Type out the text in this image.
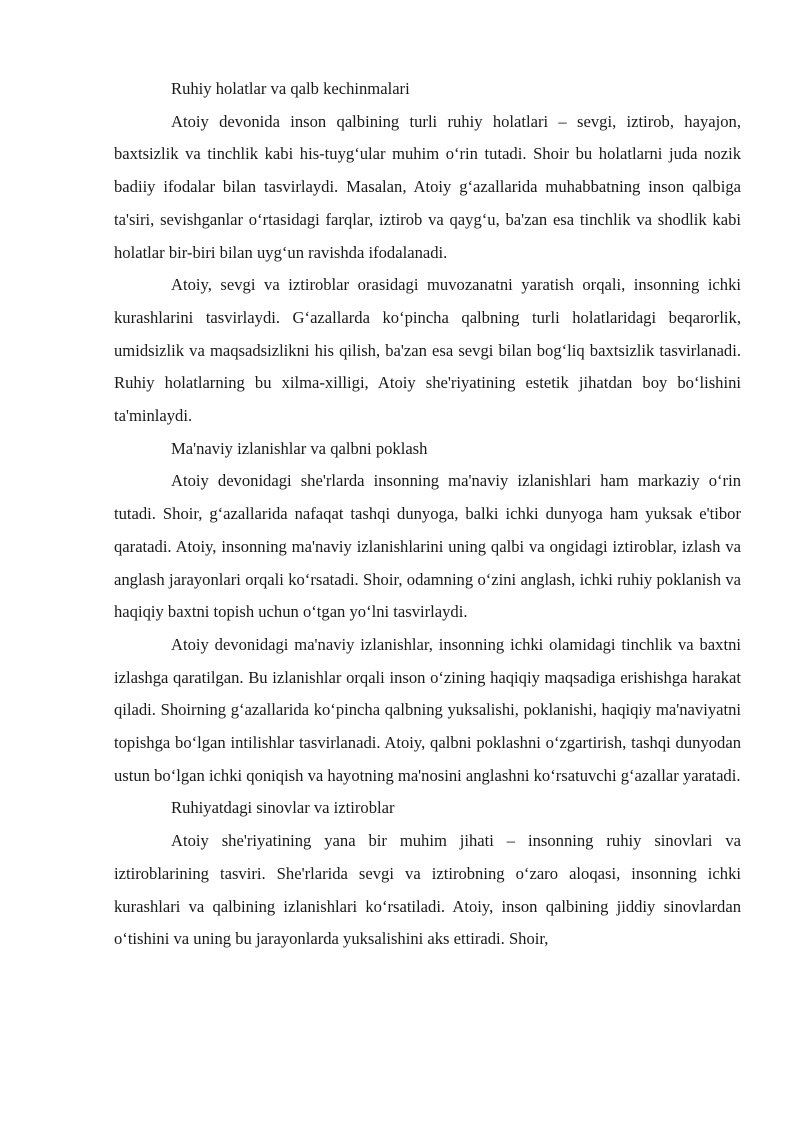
Ruhiy holatlar va qalb kechinmalari

Atoiy devonida inson qalbining turli ruhiy holatlari – sevgi, iztirob, hayajon, baxtsizlik va tinchlik kabi his-tuyg‘ular muhim o‘rin tutadi. Shoir bu holatlarni juda nozik badiiy ifodalar bilan tasvirlaydi. Masalan, Atoiy g‘azallarida muhabbatning inson qalbiga ta'siri, sevishganlar o‘rtasidagi farqlar, iztirob va qayg‘u, ba'zan esa tinchlik va shodlik kabi holatlar bir-biri bilan uyg‘un ravishda ifodalanadi.

Atoiy, sevgi va iztiroblar orasidagi muvozanatni yaratish orqali, insonning ichki kurashlarini tasvirlaydi. G‘azallarda ko‘pincha qalbning turli holatlaridagi beqarorlik, umidsizlik va maqsadsizlikni his qilish, ba'zan esa sevgi bilan bog‘liq baxtsizlik tasvirlanadi. Ruhiy holatlarning bu xilma-xilligi, Atoiy she'riyatining estetik jihatdan boy bo‘lishini ta'minlaydi.

Ma'naviy izlanishlar va qalbni poklash

Atoiy devonidagi she'rlarda insonning ma'naviy izlanishlari ham markaziy o‘rin tutadi. Shoir, g‘azallarida nafaqat tashqi dunyoga, balki ichki dunyoga ham yuksak e'tibor qaratadi. Atoiy, insonning ma'naviy izlanishlarini uning qalbi va ongidagi iztiroblar, izlash va anglash jarayonlari orqali ko‘rsatadi. Shoir, odamning o‘zini anglash, ichki ruhiy poklanish va haqiqiy baxtni topish uchun o‘tgan yo‘lni tasvirlaydi.

Atoiy devonidagi ma'naviy izlanishlar, insonning ichki olamidagi tinchlik va baxtni izlashga qaratilgan. Bu izlanishlar orqali inson o‘zining haqiqiy maqsadiga erishishga harakat qiladi. Shoirning g‘azallarida ko‘pincha qalbning yuksalishi, poklanishi, haqiqiy ma'naviyatni topishga bo‘lgan intilishlar tasvirlanadi. Atoiy, qalbni poklashni o‘zgartirish, tashqi dunyodan ustun bo‘lgan ichki qoniqish va hayotning ma'nosini anglashni ko‘rsatuvchi g‘azallar yaratadi.

Ruhiyatdagi sinovlar va iztiroblar

Atoiy she'riyatining yana bir muhim jihati – insonning ruhiy sinovlari va iztiroblarining tasviri. She'rlarida sevgi va iztirobning o‘zaro aloqasi, insonning ichki kurashlari va qalbining izlanishlari ko‘rsatiladi. Atoiy, inson qalbining jiddiy sinovlardan o‘tishini va uning bu jarayonlarda yuksalishini aks ettiradi. Shoir,
